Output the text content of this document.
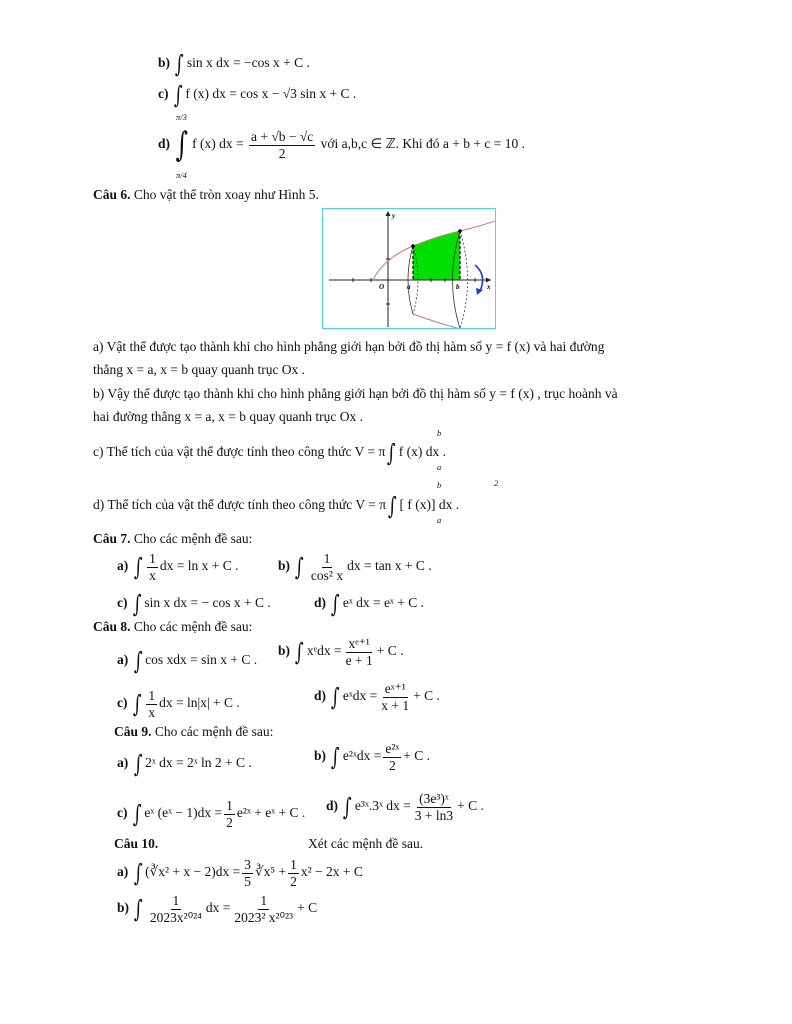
b) ∫ sin x dx = −cos x + C .
c) ∫ f (x) dx = cos x − √3 sin x + C .
π/3
π/4
d) ∫ f (x) dx = $\frac{a + √b - √c}{2}$ với a,b,c ∈ ℤ. Khi đó a + b + c = 10 .
Câu 6. Cho vật thể tròn xoay như Hình 5.
y
x
O	a	b
a) Vật thể được tạo thành khi cho hình phẳng giới hạn bởi đồ thị hàm số y = f (x) và hai đường
thẳng x = a, x = b quay quanh trục Ox .
b) Vậy thể được tạo thành khi cho hình phẳng giới hạn bởi đồ thị hàm số y = f (x) , trục hoành và
hai đường thẳng x = a, x = b quay quanh trục Ox .
b
a
c) Thể tích của vật thể được tính theo công thức V = π∫ f (x) dx .
b
a
2
d) Thể tích của vật thể được tính theo công thức V = π∫ [ f (x)] dx .
Câu 7. Cho các mệnh đề sau:
a) ∫ $\frac{1}{x}$ dx = ln x + C .	b) ∫ $\frac{1}{\text{cos² x}}$ dx = tan x + C .
c) ∫ sin x dx = − cos x + C .	d) ∫ eˣ dx = eˣ + C .
Câu 8. Cho các mệnh đề sau:
a) ∫ cos xdx = sin x + C .
b) ∫ xᵉdx = $\frac{\text{xᵉ⁺¹}}{e + 1} + C$ .
c) ∫ $\frac{1}{x}$ dx = ln|x| + C .	d) ∫ eˣdx = $\frac{\text{eˣ⁺¹}}{x + 1} + C$ .
Câu 9. Cho các mệnh đề sau:
a) ∫ 2ˣ dx = 2ˣ ln 2 + C .	b) ∫ e²ˣdx = $\frac{\text{e²ˣ}}{2} + C$ .
c) ∫ eˣ (eˣ − $1)dx = \frac{1}{2}$ e²ˣ + eˣ + C . d) ∫ e³ˣ.3ˣ dx = $\frac{\text{(3e³)ˣ}}{3 + \ln 3} + C$ .
Câu 10.	Xét các mệnh đề sau.
a) ∫ (∛x² + $x - 2)dx = \frac{3}{5}$ ∛x⁵ + $\frac{1}{2} x^2 - 2x + C$
b) ∫ $\frac{1}{\text{2023x²⁰²⁴}}$ dx = $\frac{1}{\text{2023² x²⁰²³}} + C$
